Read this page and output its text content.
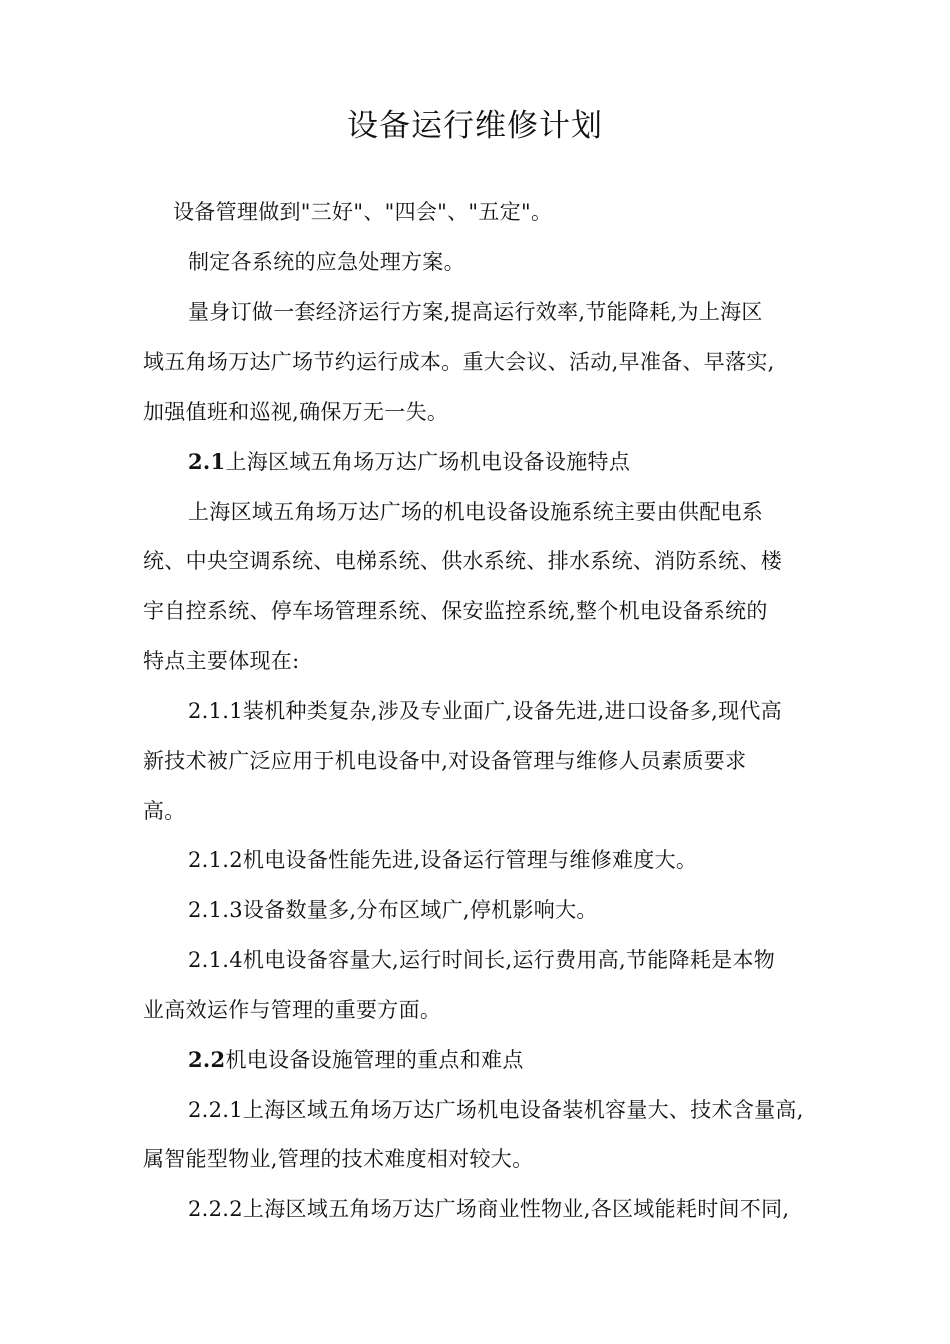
设备运行维修计划
设备管理做到"三好"、"四会"、"五定"。
制定各系统的应急处理方案。
量身订做一套经济运行方案,提高运行效率,节能降耗,为上海区
域五角场万达广场节约运行成本。重大会议、活动,早准备、早落实,
加强值班和巡视,确保万无一失。
2.1上海区域五角场万达广场机电设备设施特点
上海区域五角场万达广场的机电设备设施系统主要由供配电系
统、中央空调系统、电梯系统、供水系统、排水系统、消防系统、楼
宇自控系统、停车场管理系统、保安监控系统,整个机电设备系统的
特点主要体现在:
2.1.1装机种类复杂,涉及专业面广,设备先进,进口设备多,现代高
新技术被广泛应用于机电设备中,对设备管理与维修人员素质要求
高。
2.1.2机电设备性能先进,设备运行管理与维修难度大。
2.1.3设备数量多,分布区域广,停机影响大。
2.1.4机电设备容量大,运行时间长,运行费用高,节能降耗是本物
业高效运作与管理的重要方面。
2.2机电设备设施管理的重点和难点
2.2.1上海区域五角场万达广场机电设备装机容量大、技术含量高,
属智能型物业,管理的技术难度相对较大。
2.2.2上海区域五角场万达广场商业性物业,各区域能耗时间不同,
